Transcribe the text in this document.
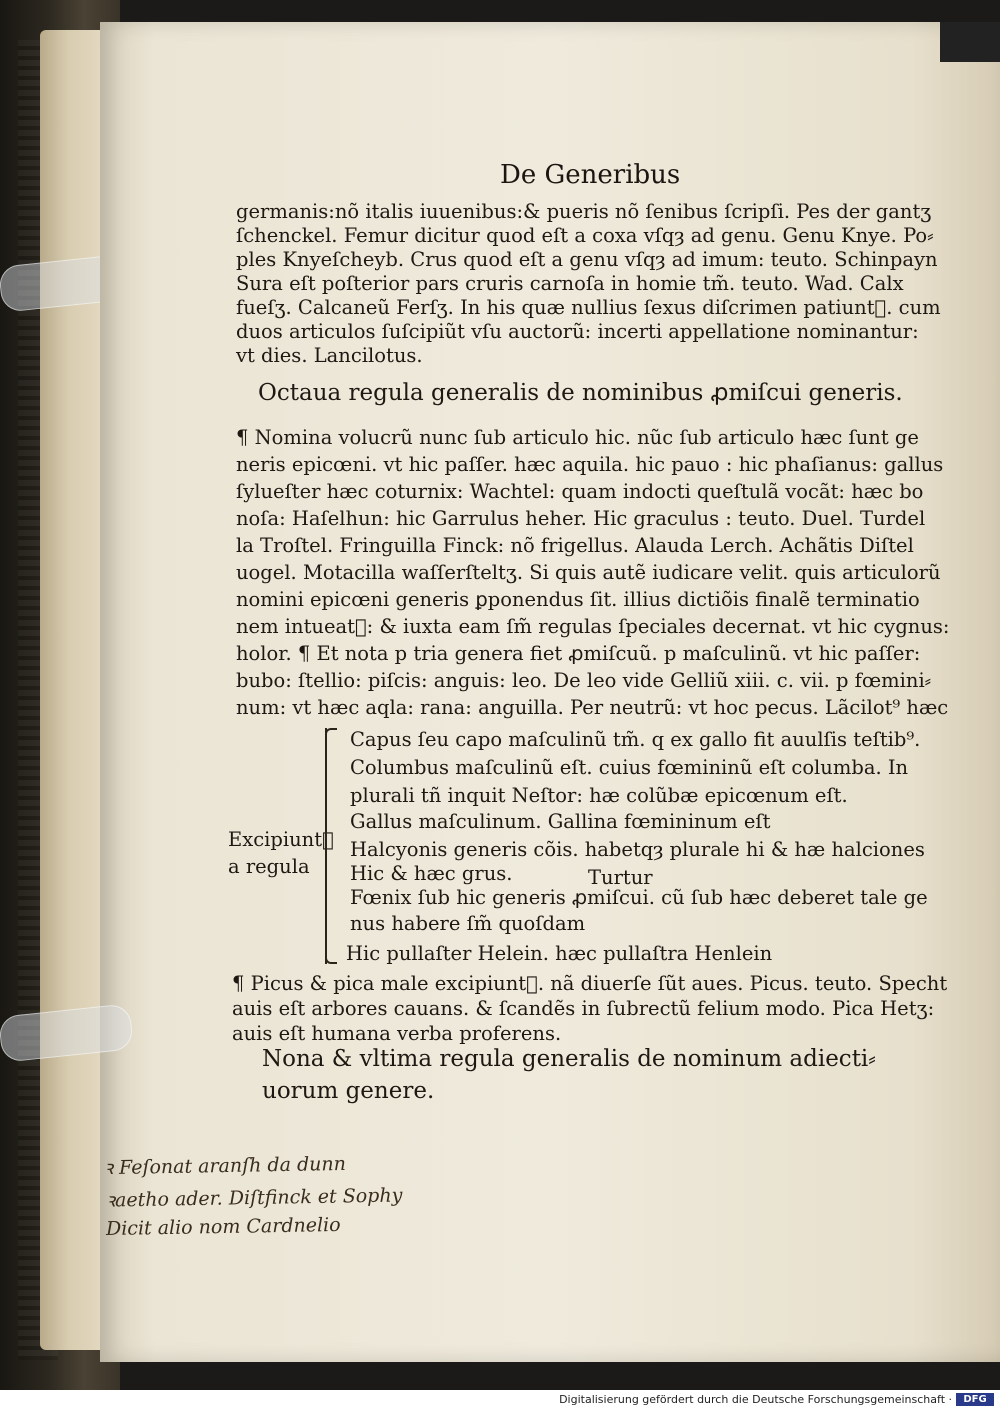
De Generibus
germanis:nõ italis iuuenibus:& pueris nõ ſenibus ſcripſi. Pes der gantʒ
ſchenckel. Femur dicitur quod eſt a coxa vſqȝ ad genu. Genu Knye. Po⸗
ples Knyeſcheyb. Crus quod eſt a genu vſqȝ ad imum: teuto. Schinpayn
Sura eſt poſterior pars cruris carnoſa in homie tm̃. teuto. Wad. Calx
fueſʒ. Calcaneũ Ferſʒ. In his quæ nullius ſexus diſcrimen patiunt᷑. cum
duos articulos ſuſcipiũt vſu auctorũ: incerti appellatione nominantur:
vt dies. Lancilotus.
Octaua regula generalis de nominibus ꝓmiſcui generis.
¶ Nomina volucrũ nunc ſub articulo hic. nũc ſub articulo hæc ſunt ge
neris epicœni. vt hic paſſer. hæc aquila. hic pauo : hic phaſianus: gallus
ſylueſter hæc coturnix: Wachtel: quam indocti queſtulã vocãt: hæc bo
noſa: Haſelhun: hic Garrulus heher. Hic graculus : teuto. Duel. Turdel
la Troſtel. Fringuilla Finck: nõ frigellus. Alauda Lerch. Achãtis Diſtel
uogel. Motacilla waſſerſteltʒ. Si quis autẽ iudicare velit. quis articulorũ
nomini epicœni generis ꝑponendus ſit. illius dictiõis finalẽ terminatio
nem intueat᷑: & iuxta eam ſm̃ regulas ſpeciales decernat. vt hic cygnus:
holor. ¶ Et nota p tria genera fiet ꝓmiſcuũ. p maſculinũ. vt hic paſſer:
bubo: ſtellio: piſcis: anguis: leo. De leo vide Gelliũ xiii. c. vii. p fœmini⸗
num: vt hæc aqla: rana: anguilla. Per neutrũ: vt hoc pecus. Lãcilot⁹ hæc
Excipiunt᷑
a regula
Capus ſeu capo maſculinũ tm̃. q ex gallo fit auulſis teſtib⁹.
Columbus maſculinũ eſt. cuius fœmininũ eſt columba. In
plurali tñ inquit Neſtor: hæ colũbæ epicœnum eſt.
Gallus maſculinum. Gallina fœmininum eſt
Halcyonis generis cõis. habetqȝ plurale hi & hæ halciones
Hic & hæc grus.	Turtur
Fœnix ſub hic generis ꝓmiſcui. cũ ſub hæc deberet tale ge
nus habere ſm̃ quoſdam
Hic pullaſter Helein. hæc pullaſtra Henlein
¶ Picus & pica male excipiunt᷑. nã diuerſe ſũt aues. Picus. teuto. Specht
auis eſt arbores cauans. & ſcandẽs in ſubrectũ felium modo. Pica Hetʒ:
auis eſt humana verba proferens.
Nona & vltima regula generalis de nominum adiecti⸗
uorum genere.
ꝛ Feſonat aranſh da dunn
ꝛaetho ader. Diſtfinck et Sophy
Dicit alio nom Cardnelio
Digitalisierung gefördert durch die Deutsche Forschungsgemeinschaft ·	DFG
